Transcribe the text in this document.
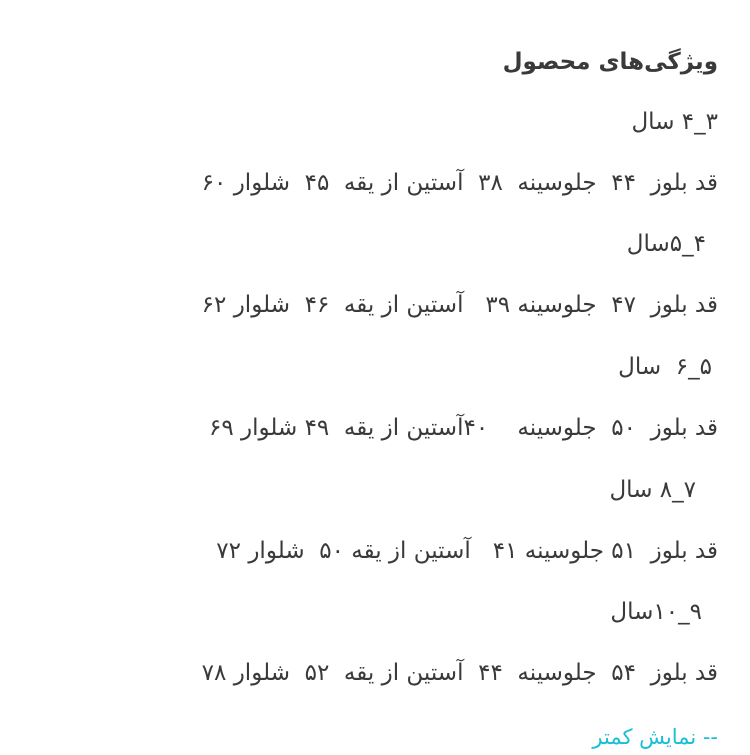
ویژگی‌های محصول

۳_۴ سال

قد بلوز  ۴۴  جلوسینه  ۳۸  آستین از یقه  ۴۵  شلوار ۶۰

۴_۵سال

قد بلوز  ۴۷  جلوسینه ۳۹   آستین از یقه  ۴۶  شلوار ۶۲

۵_۶  سال

قد بلوز  ۵۰  جلوسینه    ۴۰آستین از یقه  ۴۹ شلوار ۶۹

۷_۸ سال

قد بلوز  ۵۱ جلوسینه ۴۱   آستین از یقه ۵۰  شلوار ۷۲

۹_۱۰سال

قد بلوز  ۵۴  جلوسینه  ۴۴  آستین از یقه  ۵۲  شلوار ۷۸

-- نمایش کمتر
